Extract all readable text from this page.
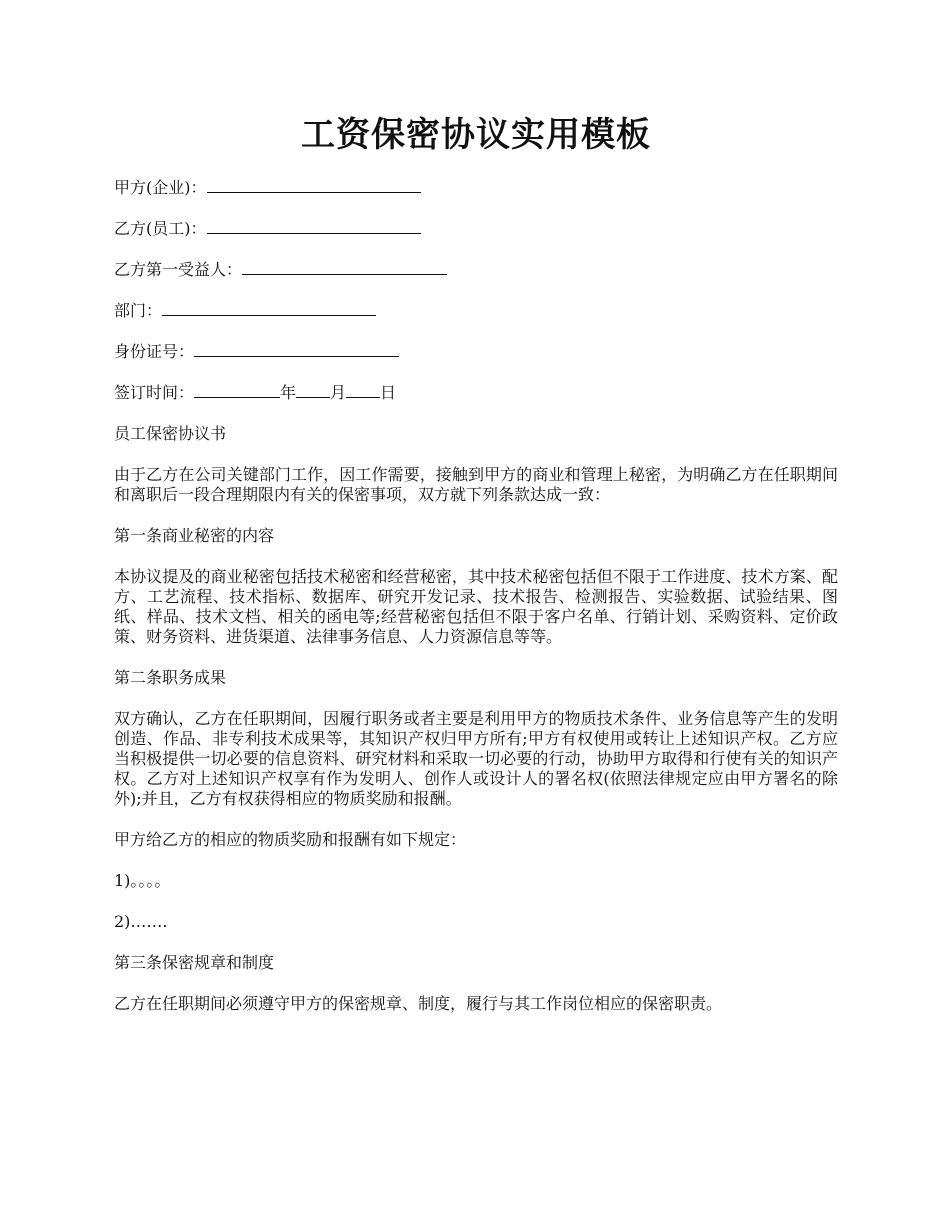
工资保密协议实用模板
甲方(企业)：
乙方(员工)：
乙方第一受益人：
部门：
身份证号：
签订时间：	年 月 日
员工保密协议书
由于乙方在公司关键部门工作，因工作需要，接触到甲方的商业和管理上秘密，为明确乙方在任职期间和离职后一段合理期限内有关的保密事项，双方就下列条款达成一致：
第一条商业秘密的内容
本协议提及的商业秘密包括技术秘密和经营秘密，其中技术秘密包括但不限于工作进度、技术方案、配方、工艺流程、技术指标、数据库、研究开发记录、技术报告、检测报告、实验数据、试验结果、图纸、样品、技术文档、相关的函电等;经营秘密包括但不限于客户名单、行销计划、采购资料、定价政策、财务资料、进货渠道、法律事务信息、人力资源信息等等。
第二条职务成果
双方确认，乙方在任职期间，因履行职务或者主要是利用甲方的物质技术条件、业务信息等产生的发明创造、作品、非专利技术成果等，其知识产权归甲方所有;甲方有权使用或转让上述知识产权。乙方应当积极提供一切必要的信息资料、研究材料和采取一切必要的行动，协助甲方取得和行使有关的知识产权。乙方对上述知识产权享有作为发明人、创作人或设计人的署名权(依照法律规定应由甲方署名的除外);并且，乙方有权获得相应的物质奖励和报酬。
甲方给乙方的相应的物质奖励和报酬有如下规定：
1)。。。。
2)…….
第三条保密规章和制度
乙方在任职期间必须遵守甲方的保密规章、制度，履行与其工作岗位相应的保密职责。
